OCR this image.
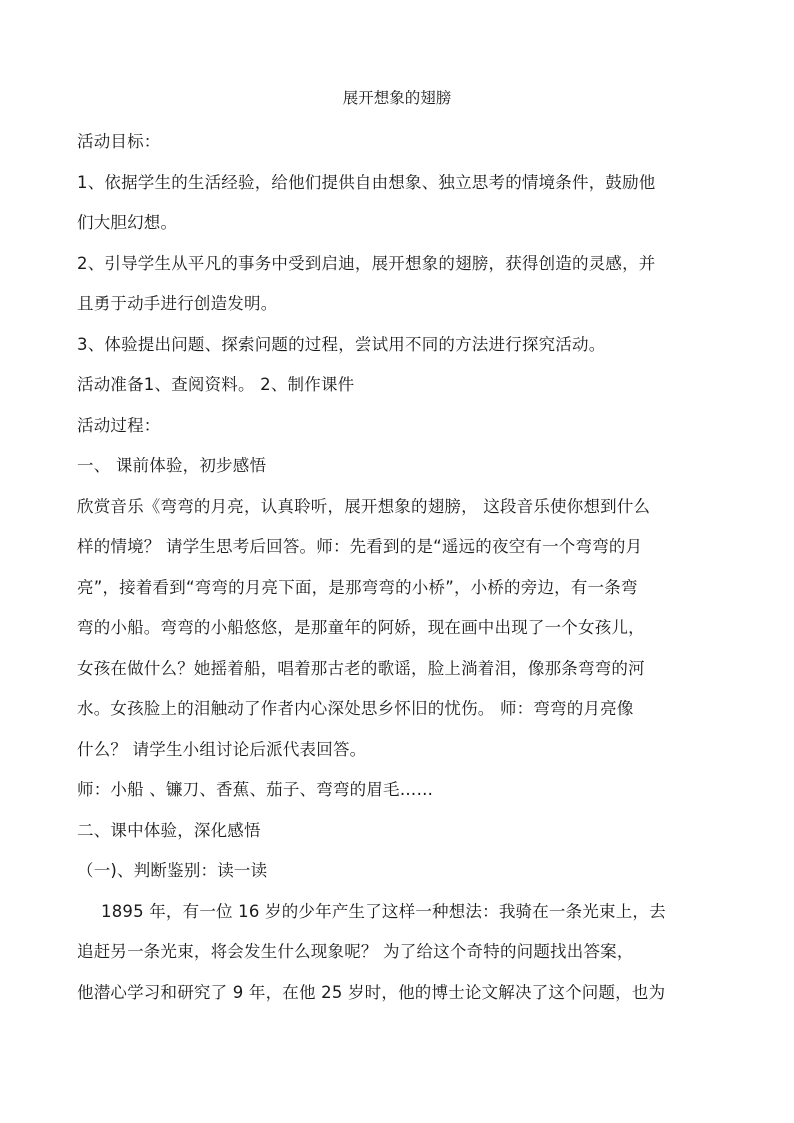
展开想象的翅膀

活动目标：

1、依据学生的生活经验，给他们提供自由想象、独立思考的情境条件，鼓励他

们大胆幻想。

2、引导学生从平凡的事务中受到启迪，展开想象的翅膀，获得创造的灵感，并

且勇于动手进行创造发明。

3、体验提出问题、探索问题的过程，尝试用不同的方法进行探究活动。

活动准备1、查阅资料。 2、制作课件

活动过程：

一、 课前体验，初步感悟

欣赏音乐《弯弯的月亮，认真聆听，展开想象的翅膀， 这段音乐使你想到什么

样的情境？ 请学生思考后回答。师：先看到的是“遥远的夜空有一个弯弯的月

亮”，接着看到“弯弯的月亮下面，是那弯弯的小桥”，小桥的旁边，有一条弯

弯的小船。弯弯的小船悠悠，是那童年的阿娇，现在画中出现了一个女孩儿，

女孩在做什么？她摇着船，唱着那古老的歌谣，脸上淌着泪，像那条弯弯的河

水。女孩脸上的泪触动了作者内心深处思乡怀旧的忧伤。 师：弯弯的月亮像

什么？ 请学生小组讨论后派代表回答。

师：小船 、镰刀、香蕉、茄子、弯弯的眉毛……

二、课中体验，深化感悟

（一)、判断鉴别：读一读

1895 年，有一位 16 岁的少年产生了这样一种想法：我骑在一条光束上，去

追赶另一条光束，将会发生什么现象呢？ 为了给这个奇特的问题找出答案，

他潜心学习和研究了 9 年，在他 25 岁时，他的博士论文解决了这个问题，也为
